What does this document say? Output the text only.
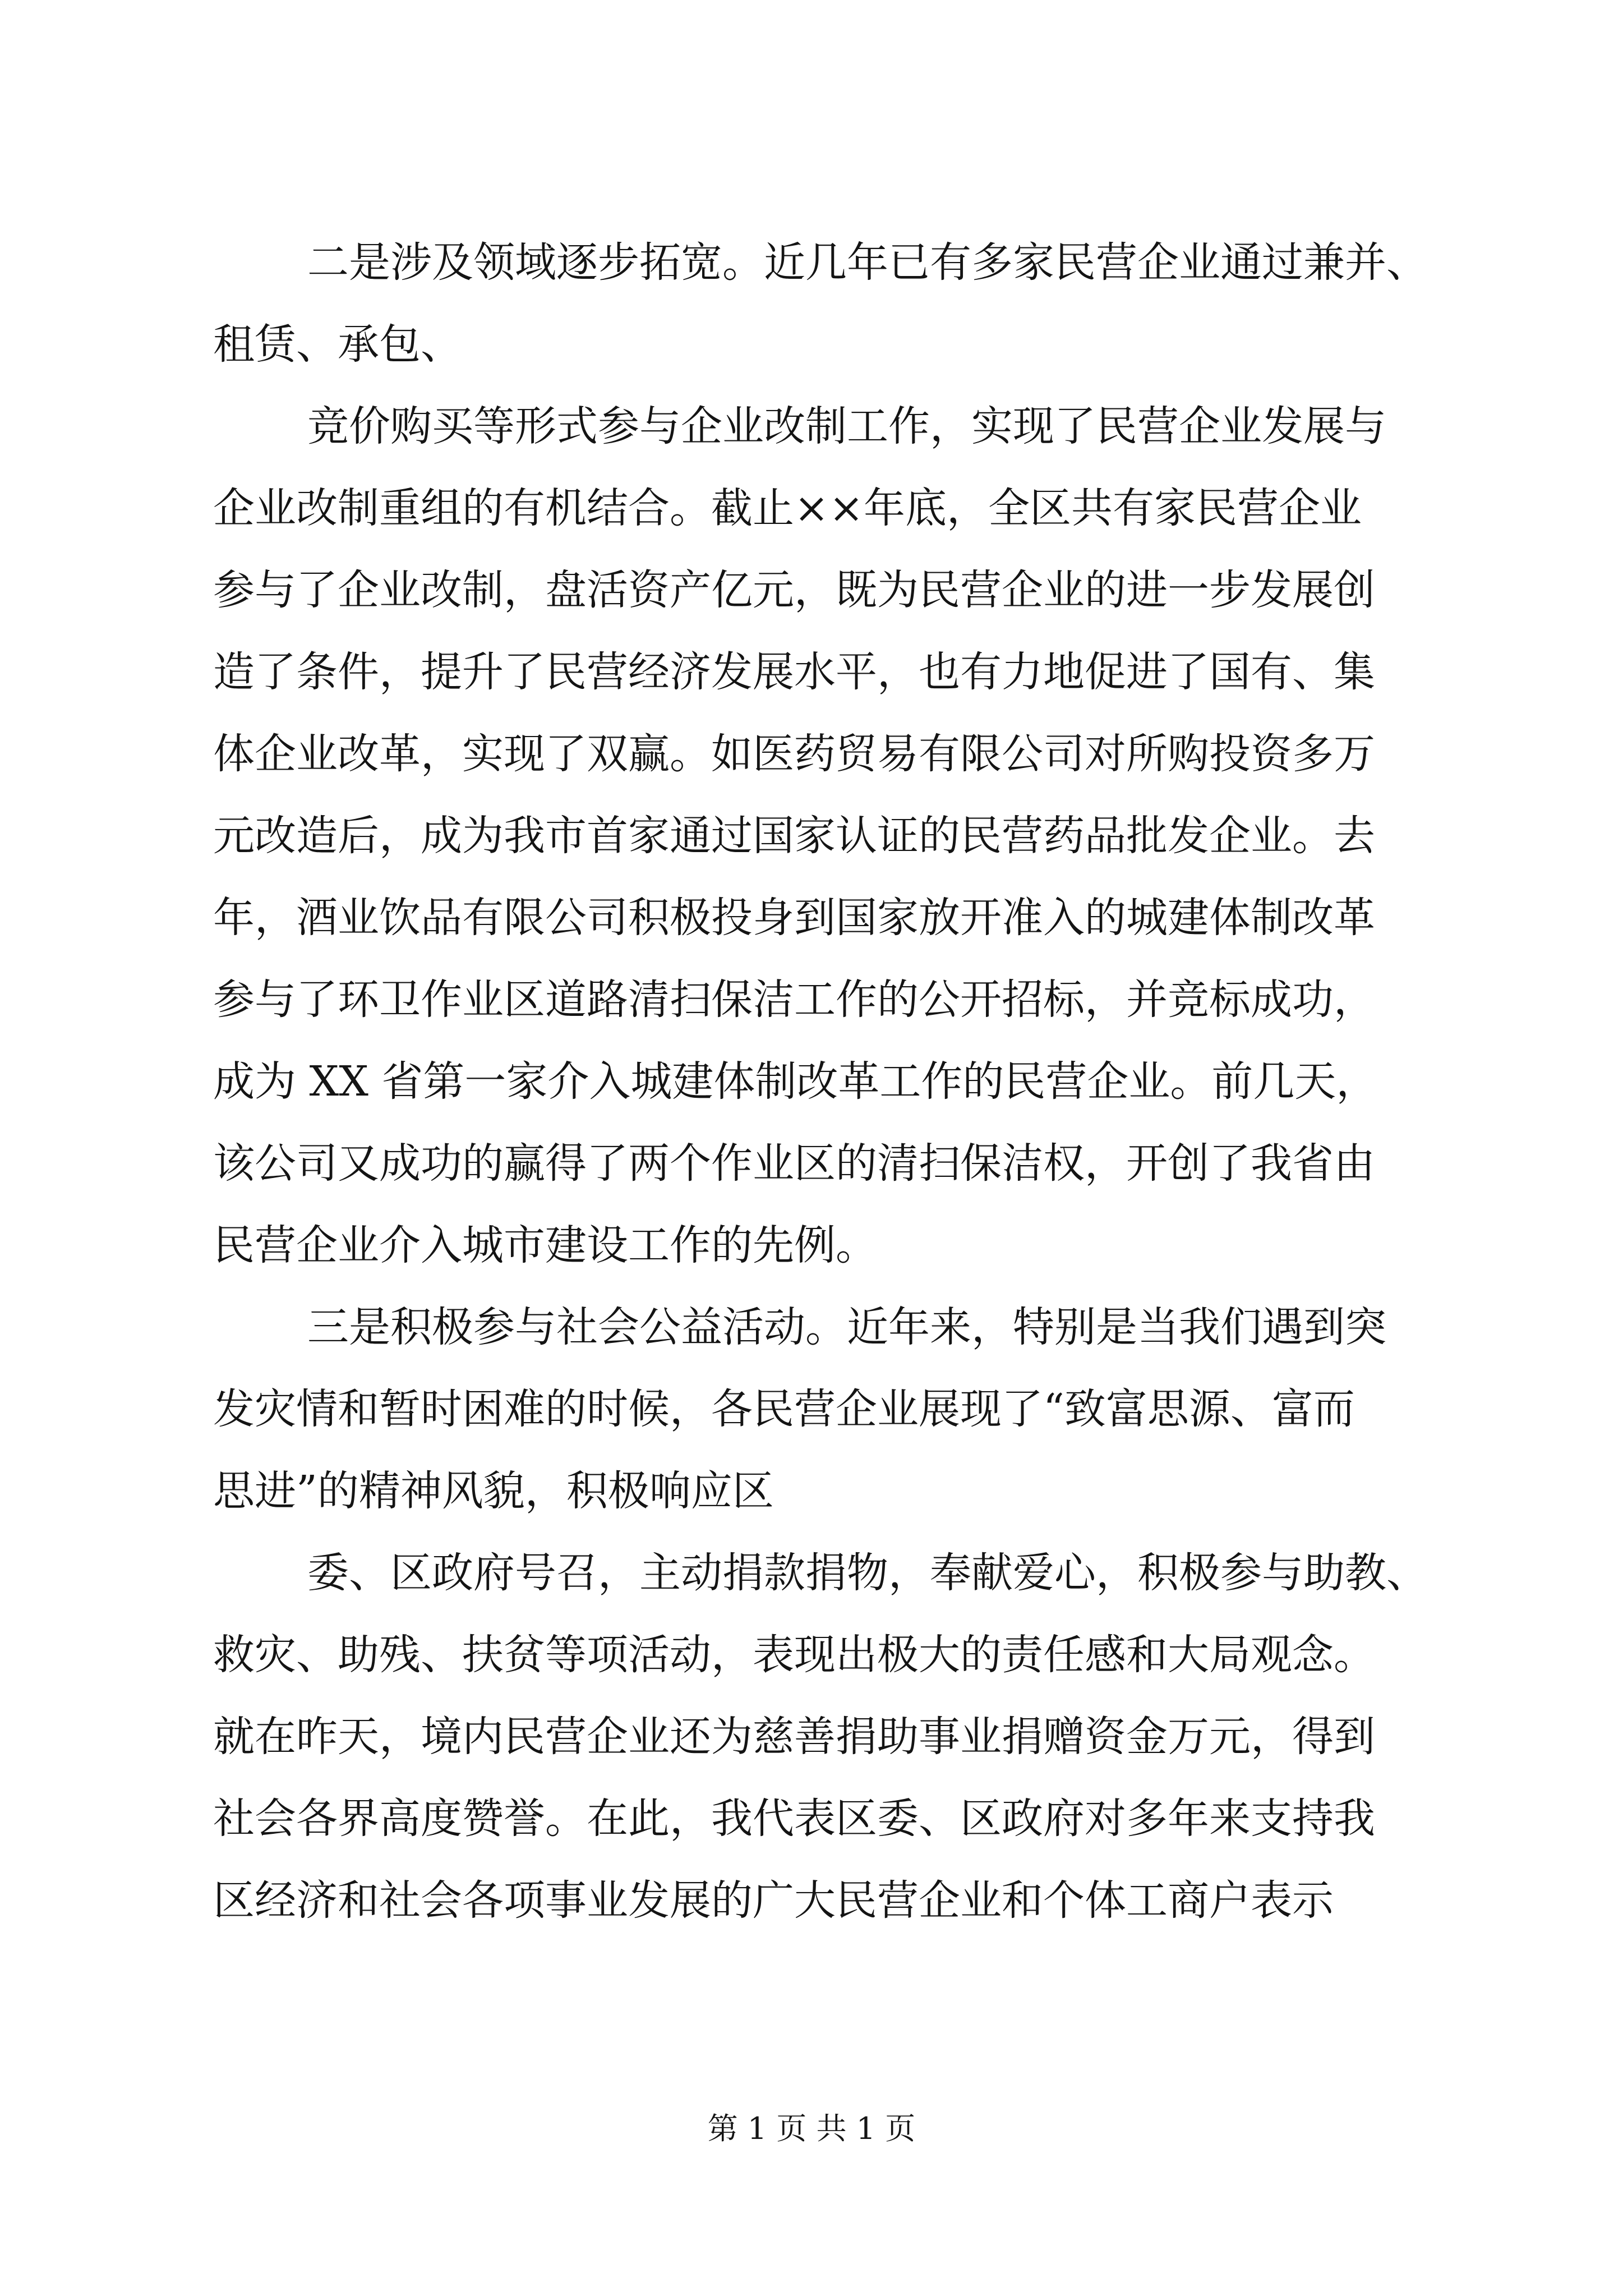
二是涉及领域逐步拓宽。近几年已有多家民营企业通过兼并、
租赁、承包、
竞价购买等形式参与企业改制工作，实现了民营企业发展与
企业改制重组的有机结合。截止××年底，全区共有家民营企业
参与了企业改制，盘活资产亿元，既为民营企业的进一步发展创
造了条件，提升了民营经济发展水平，也有力地促进了国有、集
体企业改革，实现了双赢。如医药贸易有限公司对所购投资多万
元改造后，成为我市首家通过国家认证的民营药品批发企业。去
年，酒业饮品有限公司积极投身到国家放开准入的城建体制改革
参与了环卫作业区道路清扫保洁工作的公开招标，并竞标成功，
成为 XX 省第一家介入城建体制改革工作的民营企业。前几天，
该公司又成功的赢得了两个作业区的清扫保洁权，开创了我省由
民营企业介入城市建设工作的先例。
三是积极参与社会公益活动。近年来，特别是当我们遇到突
发灾情和暂时困难的时候，各民营企业展现了“致富思源、富而
思进”的精神风貌，积极响应区
委、区政府号召，主动捐款捐物，奉献爱心，积极参与助教、
救灾、助残、扶贫等项活动，表现出极大的责任感和大局观念。
就在昨天，境内民营企业还为慈善捐助事业捐赠资金万元，得到
社会各界高度赞誉。在此，我代表区委、区政府对多年来支持我
区经济和社会各项事业发展的广大民营企业和个体工商户表示
第 1 页 共 1 页
